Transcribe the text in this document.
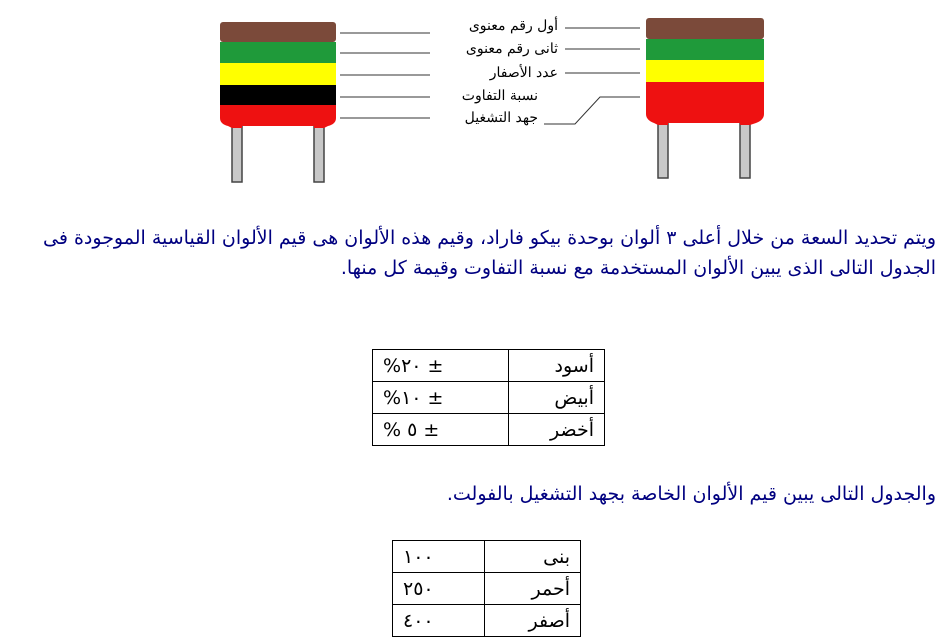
أول رقم معنوى
ثانى رقم معنوى
عدد الأصفار
نسبة التفاوت
جهد التشغيل
ويتم تحديد السعة من خلال أعلى ٣ ألوان بوحدة بيكو فاراد، وقيم هذه الألوان هى قيم الألوان القياسية الموجودة فى الجدول التالى الذى يبين الألوان المستخدمة مع نسبة التفاوت وقيمة كل منها.
أسود	± ٢٠%
أبيض	± ١٠%
أخضر	± ٥ %
والجدول التالى يبين قيم الألوان الخاصة بجهد التشغيل بالفولت.
بنى	١٠٠
أحمر	٢٥٠
أصفر	٤٠٠
